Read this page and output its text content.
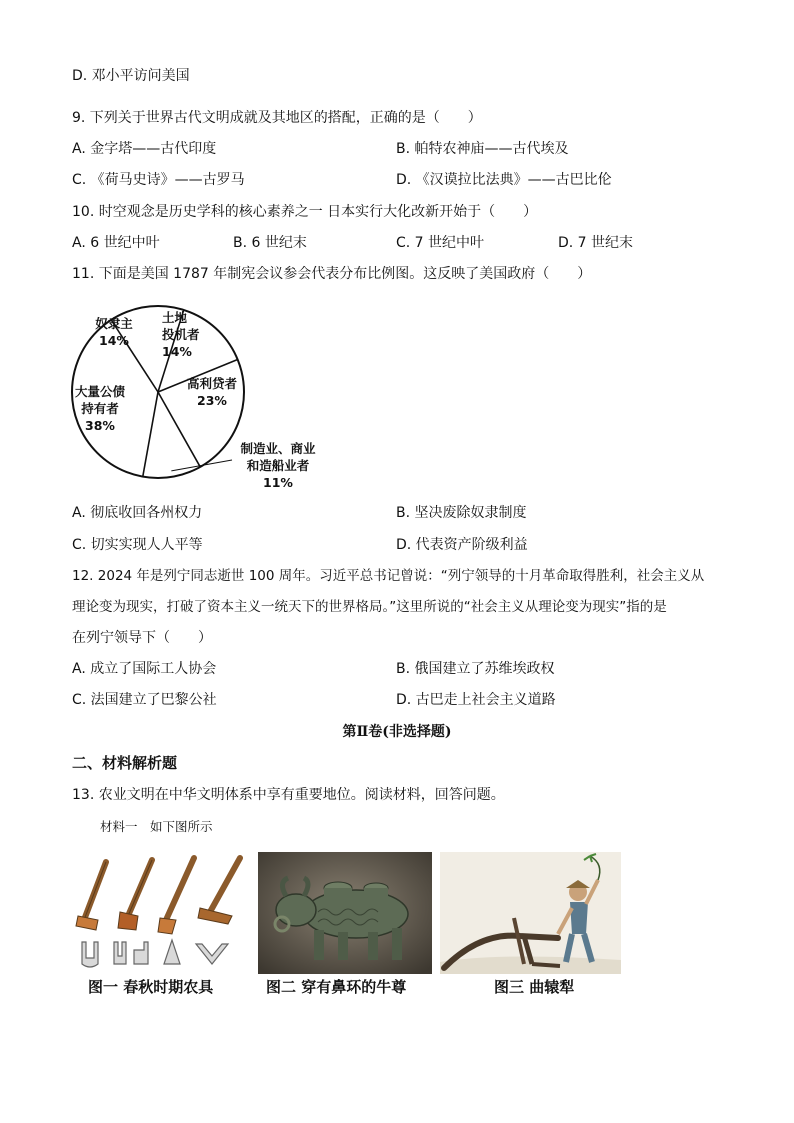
D. 邓小平访问美国
9. 下列关于世界古代文明成就及其地区的搭配，正确的是（　　）
A. 金字塔——古代印度	B. 帕特农神庙——古代埃及
C. 《荷马史诗》——古罗马	D. 《汉谟拉比法典》——古巴比伦
10. 时空观念是历史学科的核心素养之一 日本实行大化改新开始于（　　）
A. 6 世纪中叶	B. 6 世纪末	C. 7 世纪中叶	D. 7 世纪末
11. 下面是美国 1787 年制宪会议参会代表分布比例图。这反映了美国政府（　　）
奴隶主 14%
土地投机者 14%
高利贷者 23%
制造业、商业和造船业者 11%
大量公债持有者 38%
A. 彻底收回各州权力	B. 坚决废除奴隶制度
C. 切实实现人人平等	D. 代表资产阶级利益
12. 2024 年是列宁同志逝世 100 周年。习近平总书记曾说：“列宁领导的十月革命取得胜利，社会主义从
理论变为现实，打破了资本主义一统天下的世界格局。”这里所说的“社会主义从理论变为现实”指的是
在列宁领导下（　　）
A. 成立了国际工人协会	B. 俄国建立了苏维埃政权
C. 法国建立了巴黎公社	D. 古巴走上社会主义道路
第Ⅱ卷(非选择题)
二、材料解析题
13. 农业文明在中华文明体系中享有重要地位。阅读材料，回答问题。
材料一　如下图所示
图一 春秋时期农具	图二 穿有鼻环的牛尊	图三 曲辕犁
